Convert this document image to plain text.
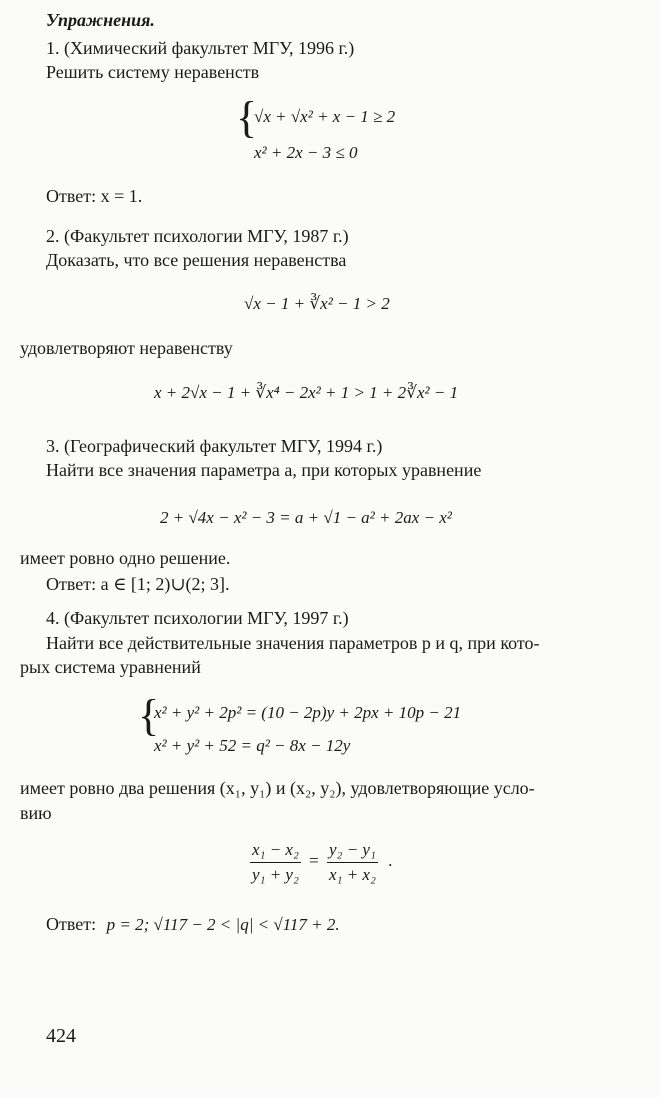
Упражнения.
1. (Химический факультет МГУ, 1996 г.)
Решить систему неравенств
{
√x + √x² + x − 1 ≥ 2
x² + 2x − 3 ≤ 0
Ответ: x = 1.
2. (Факультет психологии МГУ, 1987 г.)
Доказать, что все решения неравенства
√x − 1 + ∛x² − 1 > 2
удовлетворяют неравенству
x + 2√x − 1 + ∛x⁴ − 2x² + 1 > 1 + 2∛x² − 1
3. (Географический факультет МГУ, 1994 г.)
Найти все значения параметра a, при которых уравнение
2 + √4x − x² − 3 = a + √1 − a² + 2ax − x²
имеет ровно одно решение.
Ответ: a ∈ [1; 2)∪(2; 3].
4. (Факультет психологии МГУ, 1997 г.)
Найти все действительные значения параметров p и q, при кото-
рых система уравнений
{
x² + y² + 2p² = (10 − 2p)y + 2px + 10p − 21
x² + y² + 52 = q² − 8x − 12y
имеет ровно два решения (x₁, y₁) и (x₂, y₂), удовлетворяющие усло-
вию
$\frac{\text{x₁ − x₂}}{\text{y₁ + y₂}} = \frac{\text{y₂ − y₁}}{\text{x₁ + x₂}}$ .
Ответ: p = 2; √117 − 2 < |q| < √117 + 2.
424
